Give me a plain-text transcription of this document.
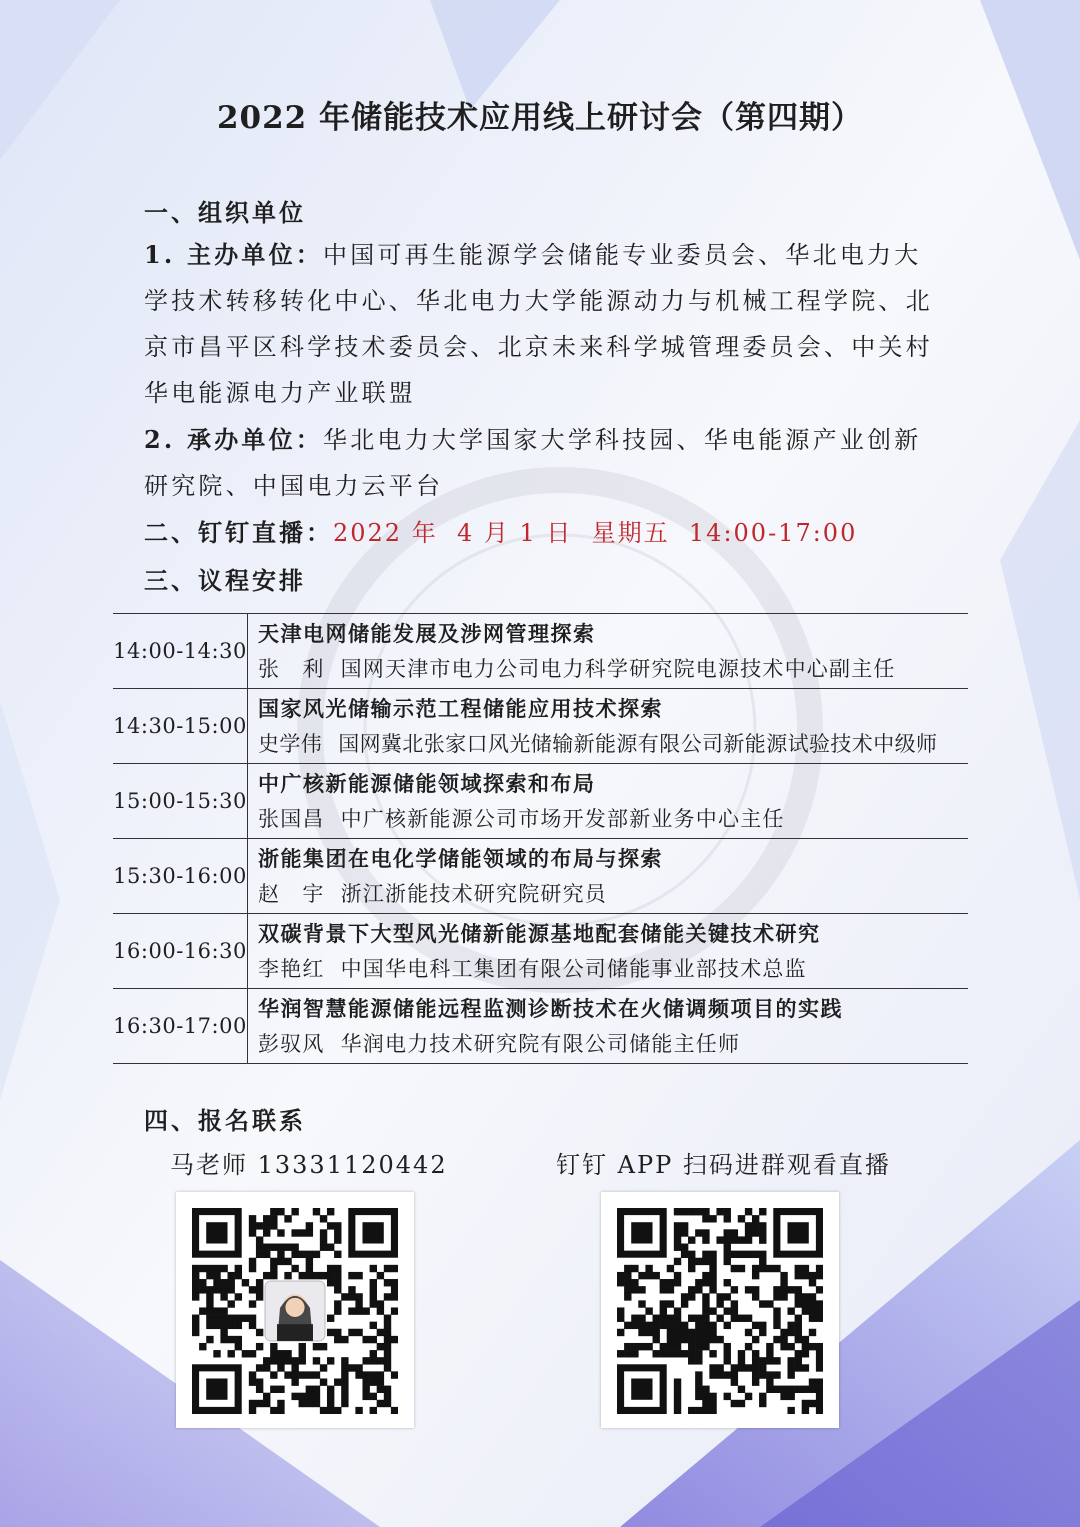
2022 年储能技术应用线上研讨会（第四期）
一、组织单位
1. 主办单位：中国可再生能源学会储能专业委员会、华北电力大学技术转移转化中心、华北电力大学能源动力与机械工程学院、北京市昌平区科学技术委员会、北京未来科学城管理委员会、中关村华电能源电力产业联盟
2. 承办单位：华北电力大学国家大学科技园、华电能源产业创新研究院、中国电力云平台
二、钉钉直播：2022 年  4 月 1 日  星期五  14:00-17:00
三、议程安排
14:00-14:30	天津电网储能发展及涉网管理探索
张　利 国网天津市电力公司电力科学研究院电源技术中心副主任

14:30-15:00	国家风光储输示范工程储能应用技术探索
史学伟 国网冀北张家口风光储输新能源有限公司新能源试验技术中级师

15:00-15:30	中广核新能源储能领域探索和布局
张国昌 中广核新能源公司市场开发部新业务中心主任

15:30-16:00	浙能集团在电化学储能领域的布局与探索
赵　宇 浙江浙能技术研究院研究员

16:00-16:30	双碳背景下大型风光储新能源基地配套储能关键技术研究
李艳红 中国华电科工集团有限公司储能事业部技术总监

16:30-17:00	华润智慧能源储能远程监测诊断技术在火储调频项目的实践
彭驭风 华润电力技术研究院有限公司储能主任师
四、报名联系
马老师 13331120442	钉钉 APP 扫码进群观看直播
